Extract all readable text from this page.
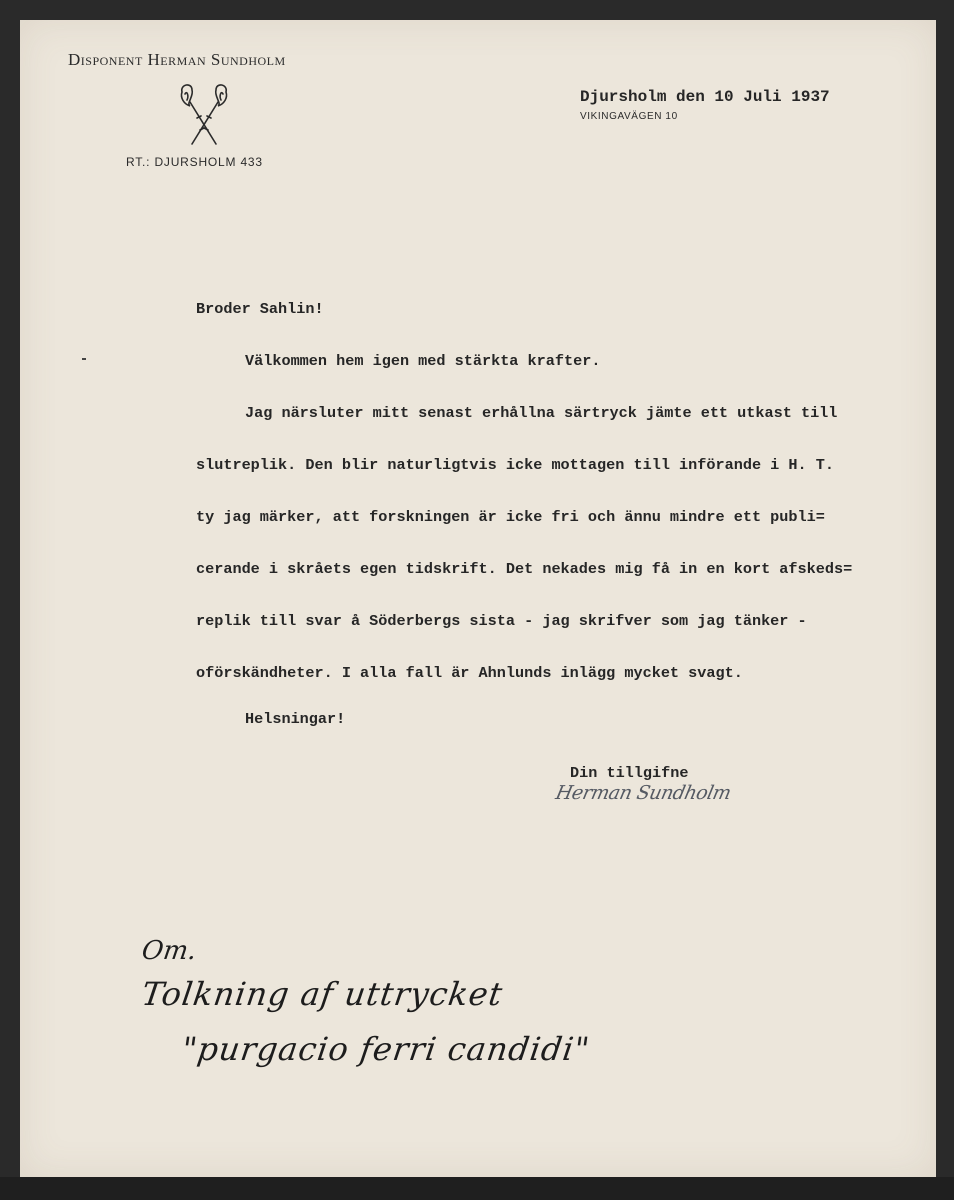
Disponent Herman Sundholm
RT.: DJURSHOLM 433
Djursholm den 10 Juli 1937
VIKINGAVÄGEN 10
Broder Sahlin!
Välkommen hem igen med stärkta krafter.
Jag närsluter mitt senast erhållna särtryck jämte ett utkast till
slutreplik. Den blir naturligtvis icke mottagen till införande i H. T.
ty jag märker, att forskningen är icke fri och ännu mindre ett publi=
cerande i skråets egen tidskrift. Det nekades mig få in en kort afskeds=
replik till svar å Söderbergs sista - jag skrifver som jag tänker -
oförskändheter. I alla fall är Ahnlunds inlägg mycket svagt.
Helsningar!
Din tillgifne
Herman Sundholm
Om.
Tolkning af uttrycket
"purgacio ferri candidi"
